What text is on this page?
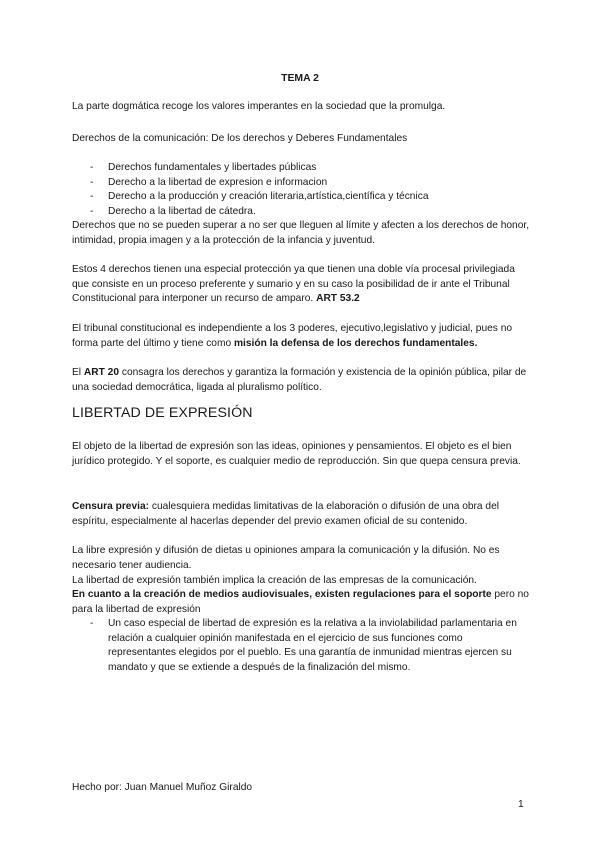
TEMA 2

La parte dogmática recoge los valores imperantes en la sociedad que la promulga.

Derechos de la comunicación: De los derechos y Deberes Fundamentales

- Derechos fundamentales y libertades públicas
- Derecho a la libertad de expresion e informacion
- Derecho a la producción y creación literaria,artística,científica y técnica
- Derecho a la libertad de cátedra.

Derechos que no se pueden superar a no ser que lleguen al límite y afecten a los derechos de honor, intimidad, propia imagen y a la protección de la infancia y juventud.

Estos 4 derechos tienen una especial protección ya que tienen una doble vía procesal privilegiada que consiste en un proceso preferente y sumario y en su caso la posibilidad de ir ante el Tribunal Constitucional para interponer un recurso de amparo. ART 53.2

El tribunal constitucional es independiente a los 3 poderes, ejecutivo,legislativo y judicial, pues no forma parte del último y tiene como misión la defensa de los derechos fundamentales.

El ART 20 consagra los derechos y garantiza la formación y existencia de la opinión pública, pilar de una sociedad democrática, ligada al pluralismo político.

LIBERTAD DE EXPRESIÓN

El objeto de la libertad de expresión son las ideas, opiniones y pensamientos. El objeto es el bien jurídico protegido. Y el soporte, es cualquier medio de reproducción. Sin que quepa censura previa.

Censura previa: cualesquiera medidas limitativas de la elaboración o difusión de una obra del espíritu, especialmente al hacerlas depender del previo examen oficial de su contenido.

La libre expresión y difusión de dietas u opiniones ampara la comunicación y la difusión. No es necesario tener audiencia.

La libertad de expresión también implica la creación de las empresas de la comunicación.

En cuanto a la creación de medios audiovisuales, existen regulaciones para el soporte pero no para la libertad de expresión

- Un caso especial de libertad de expresión es la relativa a la inviolabilidad parlamentaria en relación a cualquier opinión manifestada en el ejercicio de sus funciones como representantes elegidos por el pueblo. Es una garantía de inmunidad mientras ejercen su mandato y que se extiende a después de la finalización del mismo.

Hecho por: Juan Manuel Muñoz Giraldo

1
